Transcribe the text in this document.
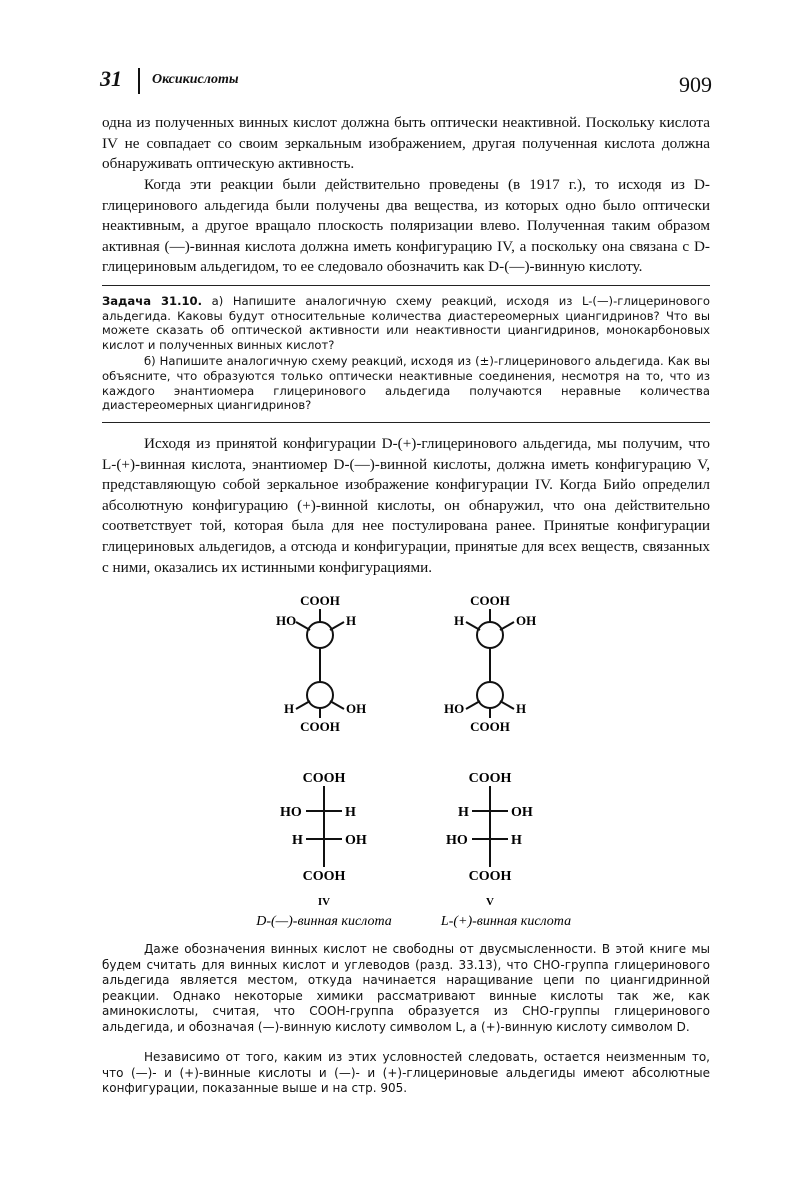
31 Оксикислоты	909

одна из полученных винных кислот должна быть оптически неактивной. Поскольку кислота IV не совпадает со своим зеркальным изображением, другая полученная кислота должна обнаруживать оптическую активность.

Когда эти реакции были действительно проведены (в 1917 г.), то исходя из D-глицеринового альдегида были получены два вещества, из которых одно было оптически неактивным, а другое вращало плоскость поляризации влево. Полученная таким образом активная (—)-винная кислота должна иметь конфигурацию IV, а поскольку она связана с D-глицериновым альдегидом, то ее следовало обозначить как D-(—)-винную кислоту.

Задача 31.10. а) Напишите аналогичную схему реакций, исходя из L-(—)-глицеринового альдегида. Каковы будут относительные количества диастереомерных циангидринов? Что вы можете сказать об оптической активности или неактивности циангидринов, монокарбоновых кислот и полученных винных кислот?

б) Напишите аналогичную схему реакций, исходя из (±)-глицеринового альдегида. Как вы объясните, что образуются только оптически неактивные соединения, несмотря на то, что из каждого энантиомера глицеринового альдегида получаются неравные количества диастереомерных циангидринов?

Исходя из принятой конфигурации D-(+)-глицеринового альдегида, мы получим, что L-(+)-винная кислота, энантиомер D-(—)-винной кислоты, должна иметь конфигурацию V, представляющую собой зеркальное изображение конфигурации IV. Когда Бийо определил абсолютную конфигурацию (+)-винной кислоты, он обнаружил, что она действительно соответствует той, которая была для нее постулирована ранее. Принятые конфигурации глицериновых альдегидов, а отсюда и конфигурации, принятые для всех веществ, связанных с ними, оказались их истинными конфигурациями.

COOH
HO	H
H	OH
COOH
COOH
H	OH
HO	H
COOH
COOH
HO	H
H	OH
COOH
COOH
H	OH
HO	H
COOH
IV	V
D-(—)-винная кислота	L-(+)-винная кислота

Даже обозначения винных кислот не свободны от двусмысленности. В этой книге мы будем считать для винных кислот и углеводов (разд. 33.13), что CHO-группа глицеринового альдегида является местом, откуда начинается наращивание цепи по циангидринной реакции. Однако некоторые химики рассматривают винные кислоты так же, как аминокислоты, считая, что COOH-группа образуется из CHO-группы глицеринового альдегида, и обозначая (—)-винную кислоту символом L, а (+)-винную кислоту символом D.

Независимо от того, каким из этих условностей следовать, остается неизменным то, что (—)- и (+)-винные кислоты и (—)- и (+)-глицериновые альдегиды имеют абсолютные конфигурации, показанные выше и на стр. 905.
